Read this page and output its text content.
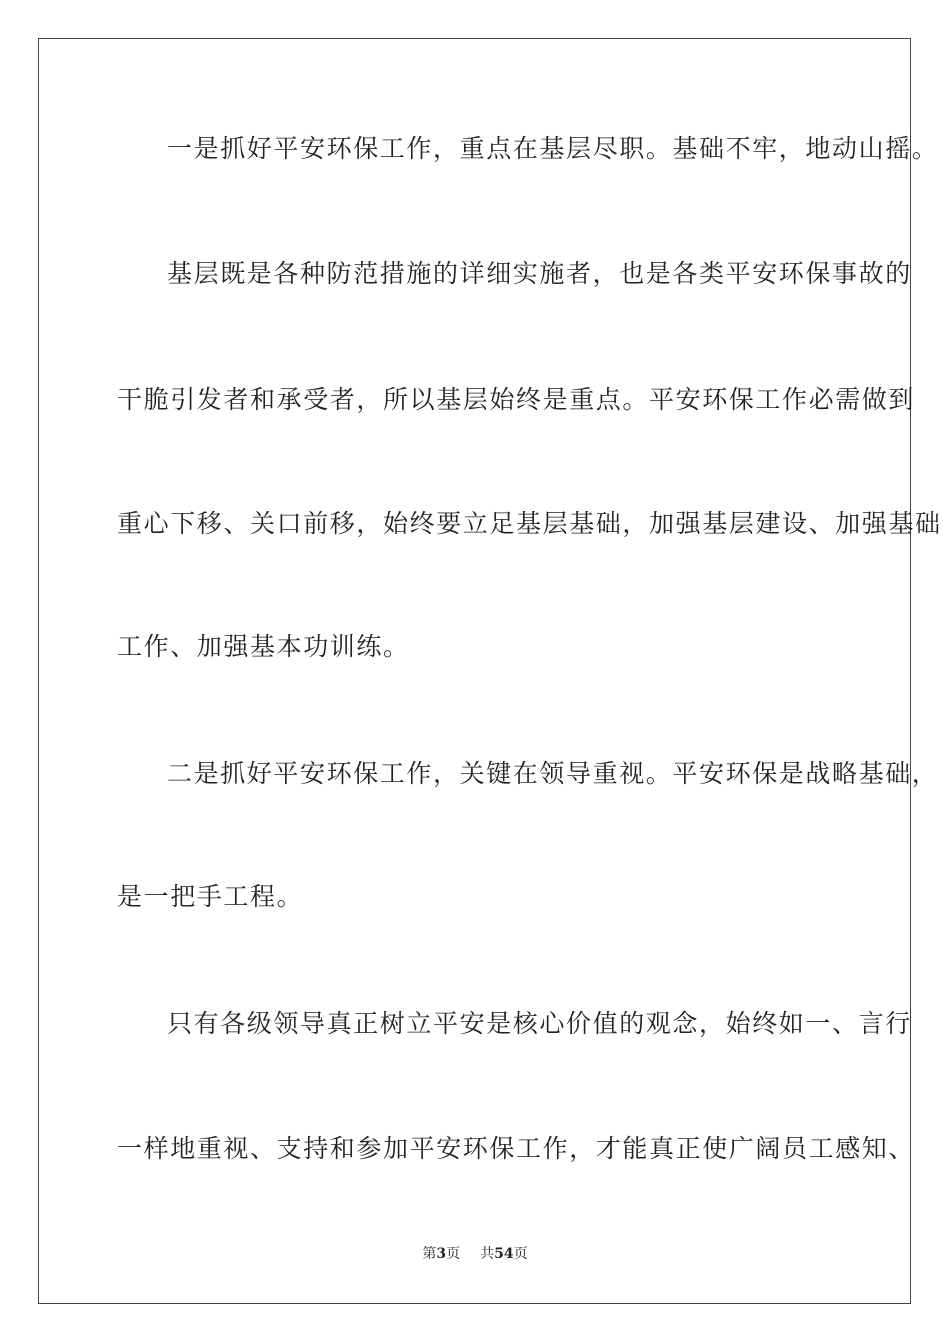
一是抓好平安环保工作，重点在基层尽职。基础不牢，地动山摇。
基层既是各种防范措施的详细实施者，也是各类平安环保事故的
干脆引发者和承受者，所以基层始终是重点。平安环保工作必需做到
重心下移、关口前移，始终要立足基层基础，加强基层建设、加强基础
工作、加强基本功训练。
二是抓好平安环保工作，关键在领导重视。平安环保是战略基础，
是一把手工程。
只有各级领导真正树立平安是核心价值的观念，始终如一、言行
一样地重视、支持和参加平安环保工作，才能真正使广阔员工感知、
第3页 共54页
